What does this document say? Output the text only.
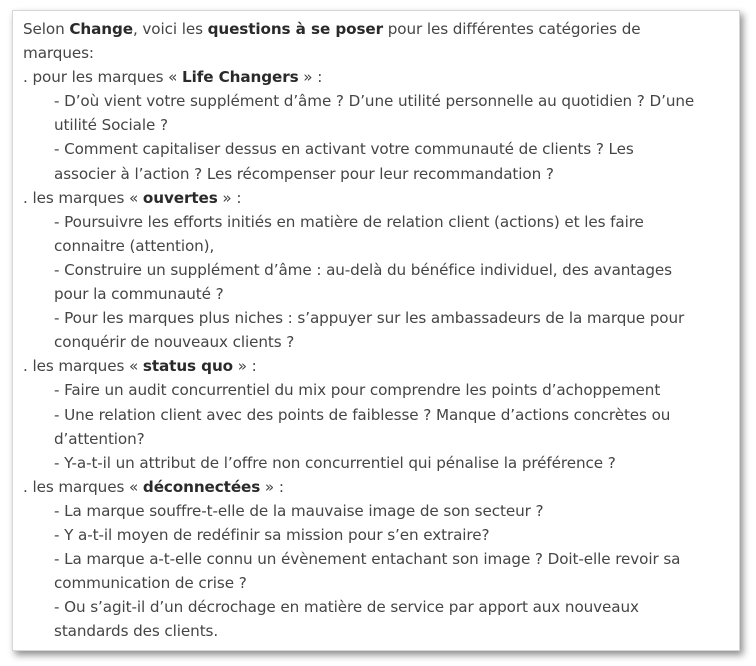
Selon Change, voici les questions à se poser pour les différentes catégories de marques:

. pour les marques « Life Changers » :

- D’où vient votre supplément d’âme ? D’une utilité personnelle au quotidien ? D’une utilité Sociale ?

- Comment capitaliser dessus en activant votre communauté de clients ? Les associer à l’action ? Les récompenser pour leur recommandation ?

. les marques « ouvertes » :

- Poursuivre les efforts initiés en matière de relation client (actions) et les faire connaitre (attention),

- Construire un supplément d’âme : au-delà du bénéfice individuel, des avantages pour la communauté ?

- Pour les marques plus niches : s’appuyer sur les ambassadeurs de la marque pour conquérir de nouveaux clients ?

. les marques « status quo » :

- Faire un audit concurrentiel du mix pour comprendre les points d’achoppement

- Une relation client avec des points de faiblesse ? Manque d’actions concrètes ou d’attention?

- Y-a-t-il un attribut de l’offre non concurrentiel qui pénalise la préférence ?

. les marques « déconnectées » :

- La marque souffre-t-elle de la mauvaise image de son secteur ?

- Y a-t-il moyen de redéfinir sa mission pour s’en extraire?

- La marque a-t-elle connu un évènement entachant son image ? Doit-elle revoir sa communication de crise ?

- Ou s’agit-il d’un décrochage en matière de service par apport aux nouveaux standards des clients.
